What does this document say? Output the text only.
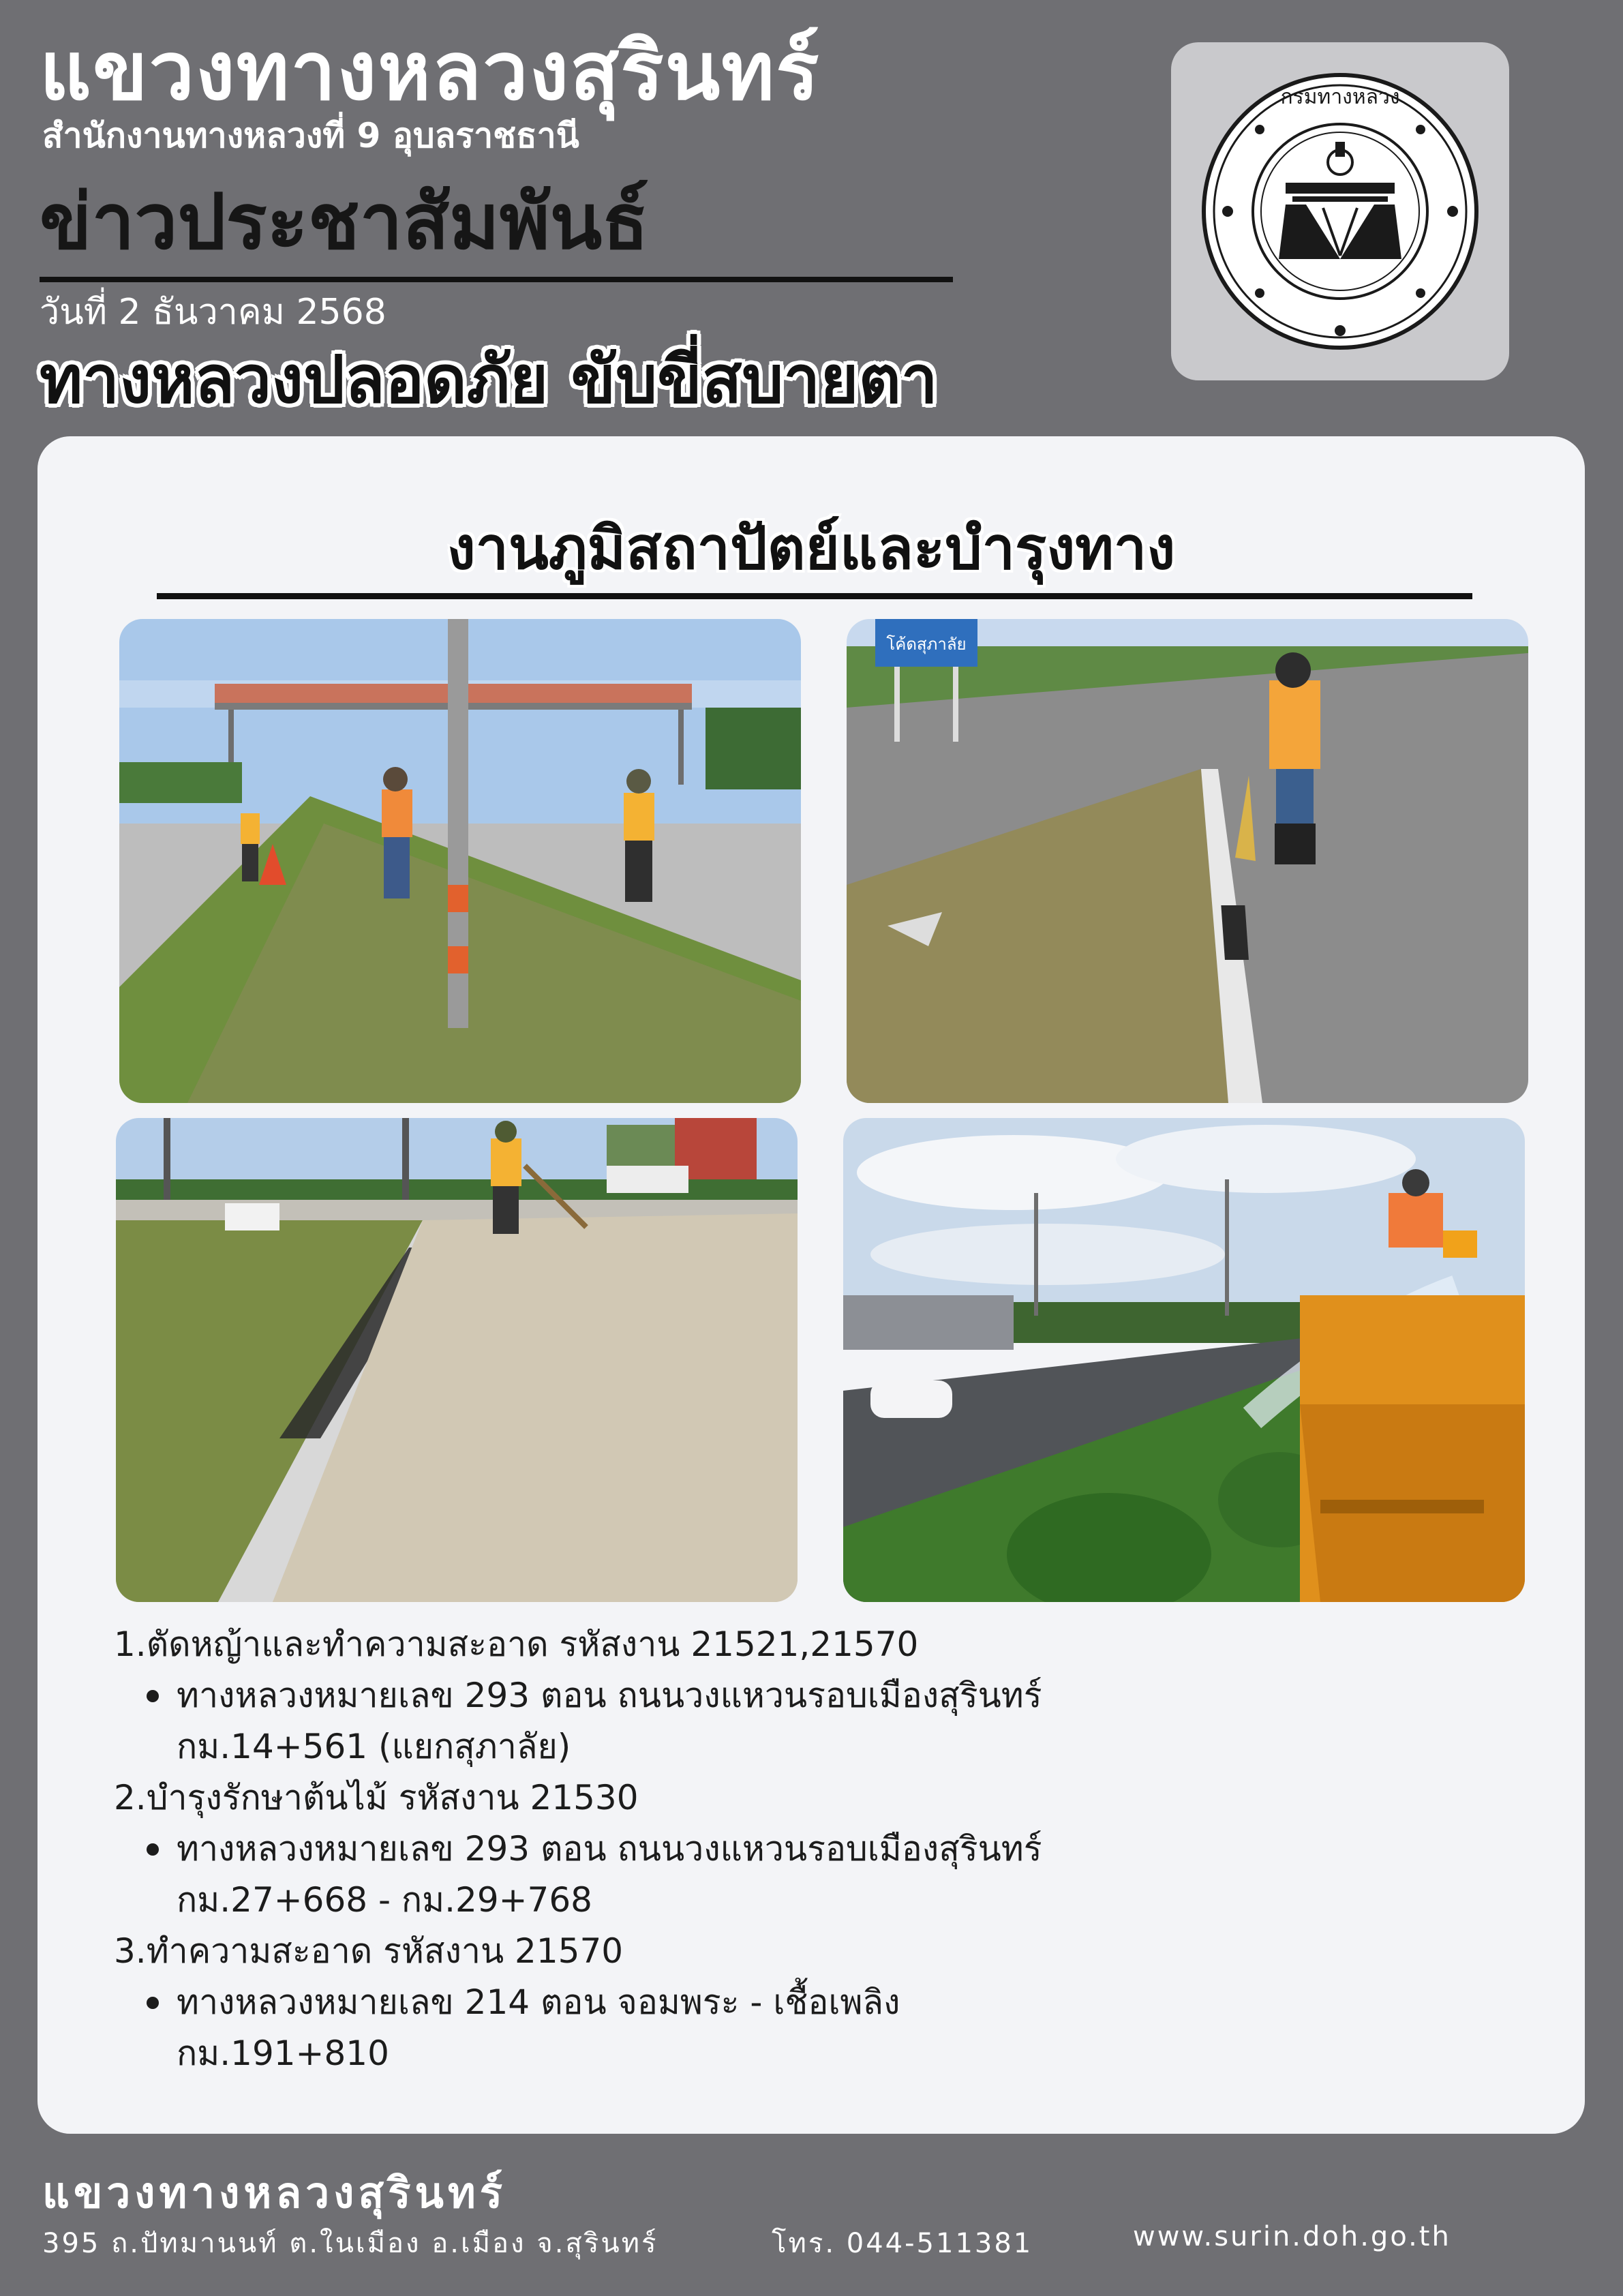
แขวงทางหลวงสุรินทร์
สำนักงานทางหลวงที่ 9 อุบลราชธานี
ข่าวประชาสัมพันธ์
วันที่ 2 ธันวาคม 2568
ทางหลวงปลอดภัย ขับขี่สบายตา
กรมทางหลวง
งานภูมิสถาปัตย์และบำรุงทาง
โค้ดสุภาลัย
1.ตัดหญ้าและทำความสะอาด รหัสงาน 21521,21570
ทางหลวงหมายเลข 293 ตอน ถนนวงแหวนรอบเมืองสุรินทร์
กม.14+561 (แยกสุภาลัย)
2.บำรุงรักษาต้นไม้ รหัสงาน 21530
ทางหลวงหมายเลข 293 ตอน ถนนวงแหวนรอบเมืองสุรินทร์
กม.27+668 - กม.29+768
3.ทำความสะอาด รหัสงาน 21570
ทางหลวงหมายเลข 214 ตอน จอมพระ - เชื้อเพลิง
กม.191+810
แขวงทางหลวงสุรินทร์
395 ถ.ปัทมานนท์ ต.ในเมือง อ.เมือง จ.สุรินทร์	โทร. 044-511381	www.surin.doh.go.th
